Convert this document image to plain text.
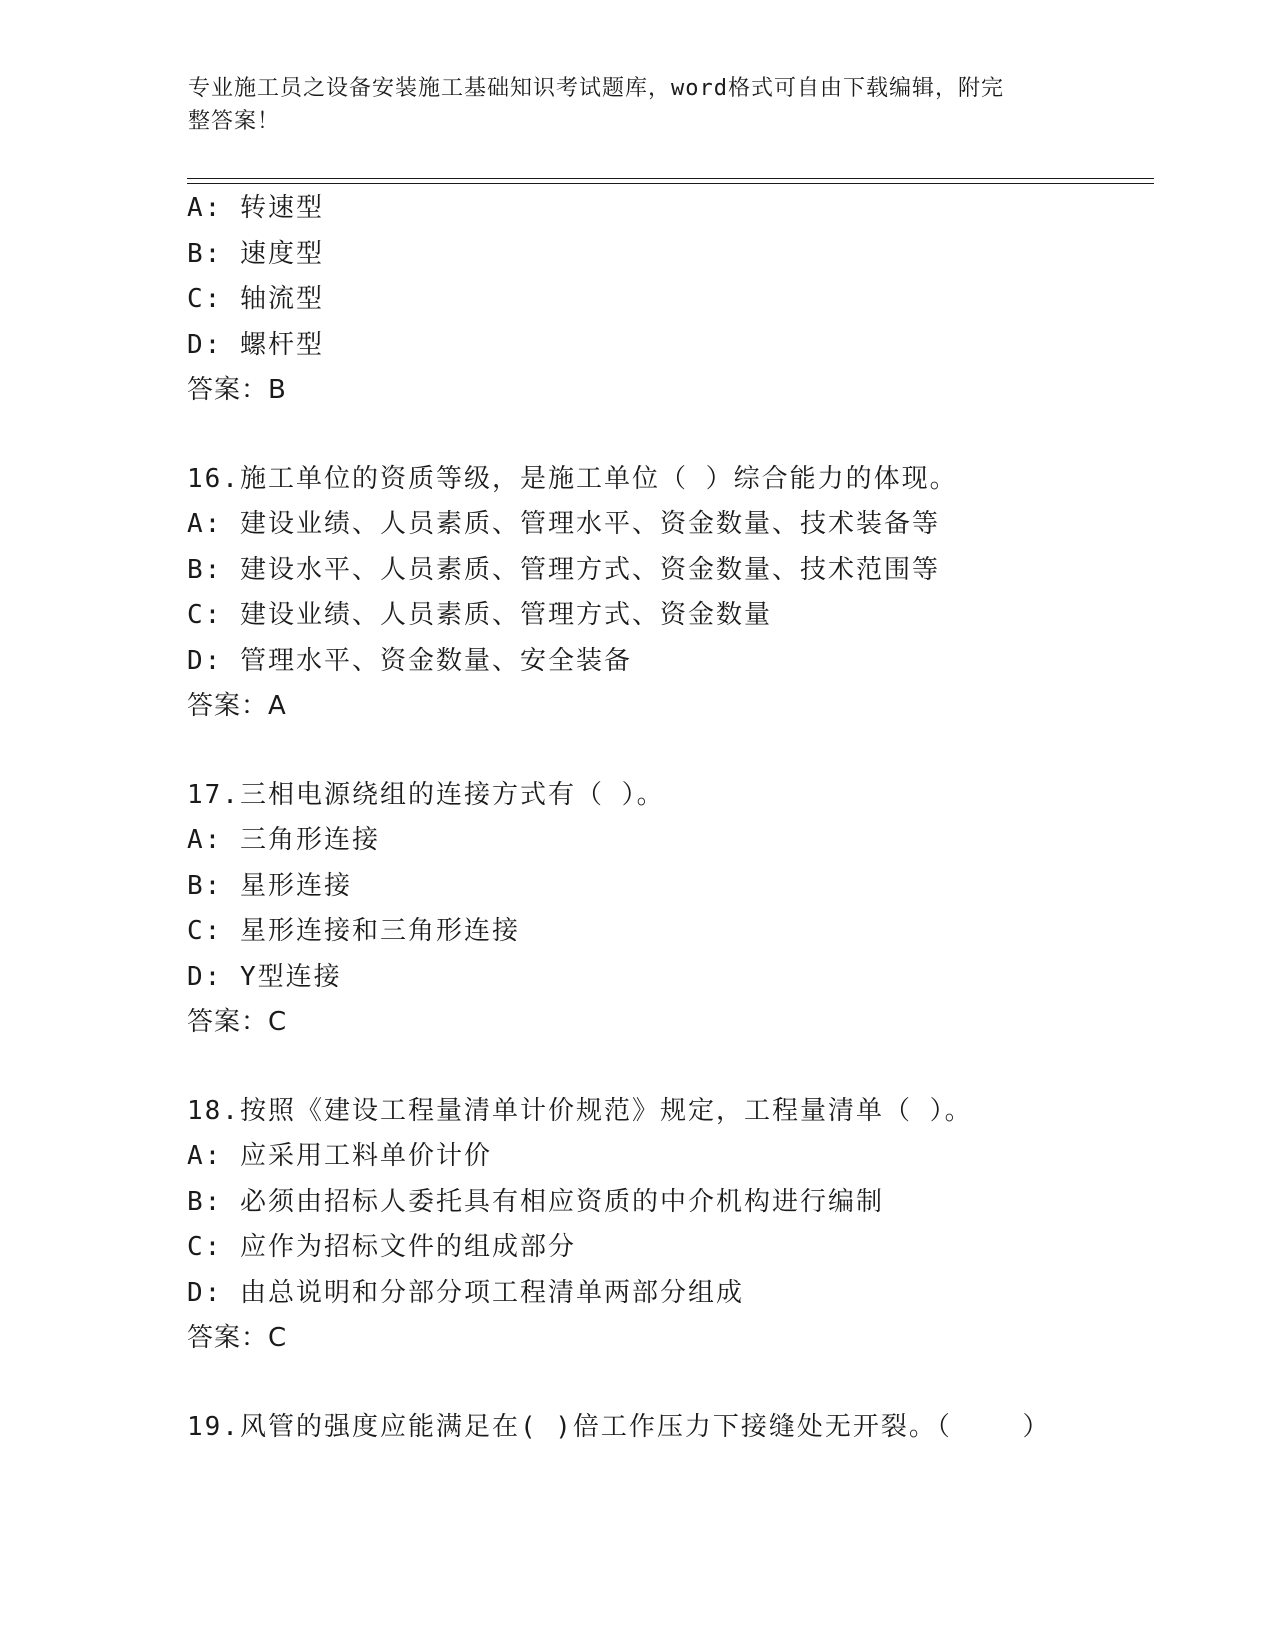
专业施工员之设备安装施工基础知识考试题库，word格式可自由下载编辑，附完
整答案！
A: 转速型
B: 速度型
C: 轴流型
D: 螺杆型
答案：B
16.施工单位的资质等级，是施工单位（ ）综合能力的体现。
A: 建设业绩、人员素质、管理水平、资金数量、技术装备等
B: 建设水平、人员素质、管理方式、资金数量、技术范围等
C: 建设业绩、人员素质、管理方式、资金数量
D: 管理水平、资金数量、安全装备
答案：A
17.三相电源绕组的连接方式有（ ）。
A: 三角形连接
B: 星形连接
C: 星形连接和三角形连接
D: Y型连接
答案：C
18.按照《建设工程量清单计价规范》规定，工程量清单（ ）。
A: 应采用工料单价计价
B: 必须由招标人委托具有相应资质的中介机构进行编制
C: 应作为招标文件的组成部分
D: 由总说明和分部分项工程清单两部分组成
答案：C
19.风管的强度应能满足在( )倍工作压力下接缝处无开裂。（    ）
